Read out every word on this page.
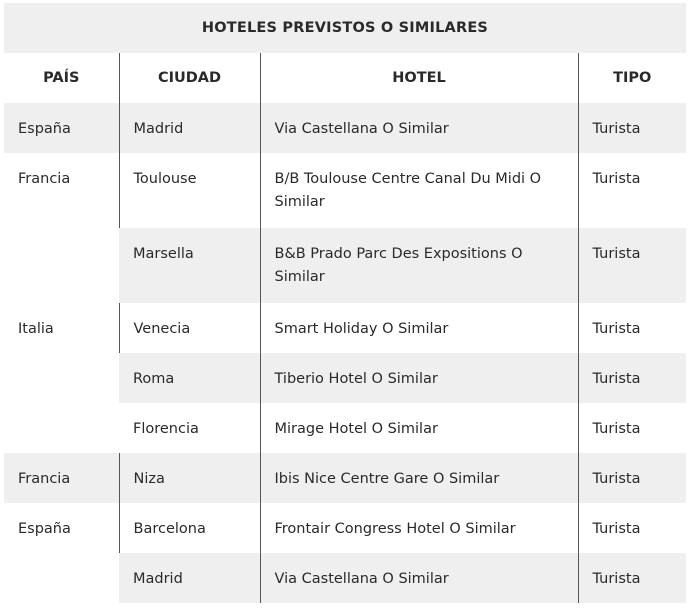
HOTELES PREVISTOS O SIMILARES
PAÍS	CIUDAD	HOTEL	TIPO
España	Madrid	Via Castellana O Similar	Turista
Francia	Toulouse	B/B Toulouse Centre Canal Du Midi O Similar	Turista
	Marsella	B&B Prado Parc Des Expositions O Similar	Turista
Italia	Venecia	Smart Holiday O Similar	Turista
	Roma	Tiberio Hotel O Similar	Turista
	Florencia	Mirage Hotel O Similar	Turista
Francia	Niza	Ibis Nice Centre Gare O Similar	Turista
España	Barcelona	Frontair Congress Hotel O Similar	Turista
	Madrid	Via Castellana O Similar	Turista
